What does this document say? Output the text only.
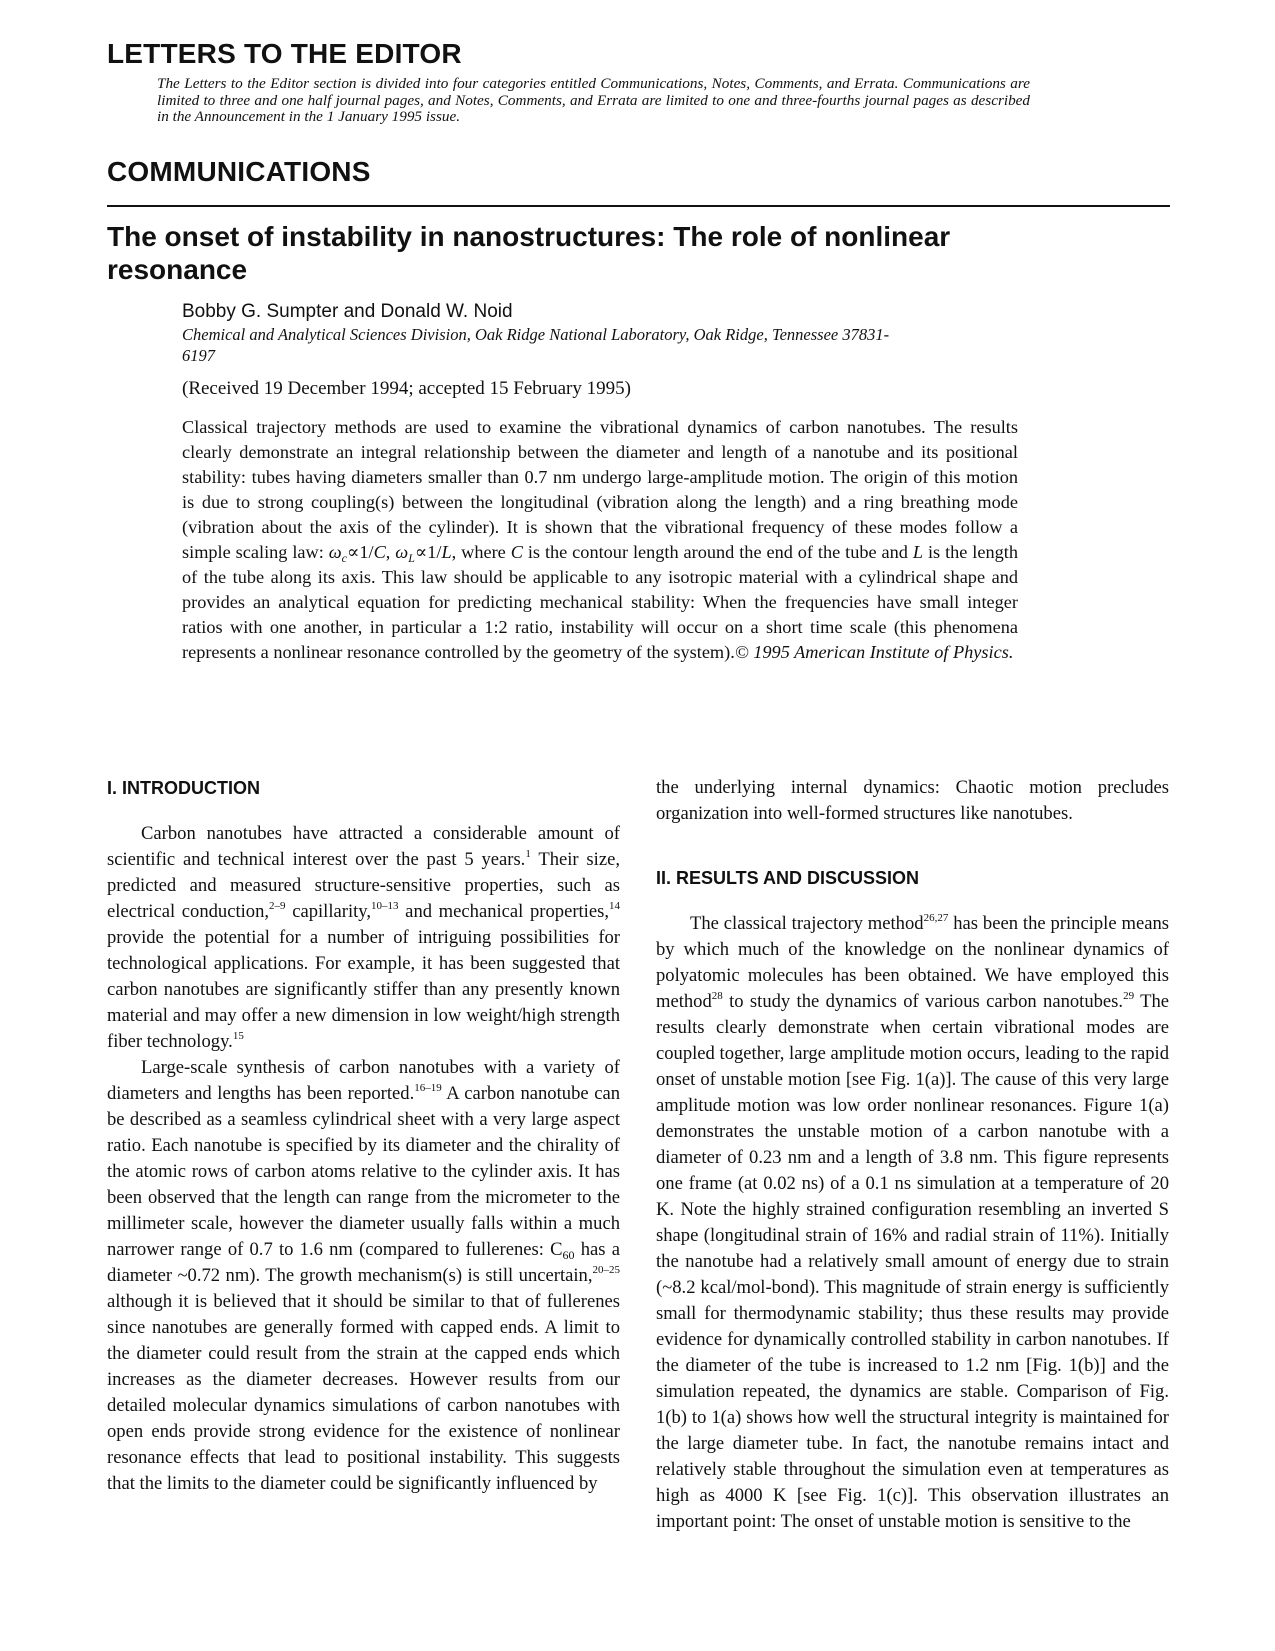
LETTERS TO THE EDITOR
The Letters to the Editor section is divided into four categories entitled Communications, Notes, Comments, and Errata. Communications are limited to three and one half journal pages, and Notes, Comments, and Errata are limited to one and three-fourths journal pages as described in the Announcement in the 1 January 1995 issue.
COMMUNICATIONS
The onset of instability in nanostructures: The role of nonlinear resonance
Bobby G. Sumpter and Donald W. Noid
Chemical and Analytical Sciences Division, Oak Ridge National Laboratory, Oak Ridge, Tennessee 37831-6197
(Received 19 December 1994; accepted 15 February 1995)
Classical trajectory methods are used to examine the vibrational dynamics of carbon nanotubes. The results clearly demonstrate an integral relationship between the diameter and length of a nanotube and its positional stability: tubes having diameters smaller than 0.7 nm undergo large-amplitude motion. The origin of this motion is due to strong coupling(s) between the longitudinal (vibration along the length) and a ring breathing mode (vibration about the axis of the cylinder). It is shown that the vibrational frequency of these modes follow a simple scaling law: $\omega_c\propto 1/C$, $\omega_L\propto 1/L$, where C is the contour length around the end of the tube and L is the length of the tube along its axis. This law should be applicable to any isotropic material with a cylindrical shape and provides an analytical equation for predicting mechanical stability: When the frequencies have small integer ratios with one another, in particular a 1:2 ratio, instability will occur on a short time scale (this phenomena represents a nonlinear resonance controlled by the geometry of the system).© 1995 American Institute of Physics.
I. INTRODUCTION

Carbon nanotubes have attracted a considerable amount of scientific and technical interest over the past 5 years.$^1$ Their size, predicted and measured structure-sensitive properties, such as electrical conduction,$^{2-9}$ capillarity,$^{10-13}$ and mechanical properties,$^{14}$ provide the potential for a number of intriguing possibilities for technological applications. For example, it has been suggested that carbon nanotubes are significantly stiffer than any presently known material and may offer a new dimension in low weight/high strength fiber technology.$^{15}$

Large-scale synthesis of carbon nanotubes with a variety of diameters and lengths has been reported.$^{16-19}$ A carbon nanotube can be described as a seamless cylindrical sheet with a very large aspect ratio. Each nanotube is specified by its diameter and the chirality of the atomic rows of carbon atoms relative to the cylinder axis. It has been observed that the length can range from the micrometer to the millimeter scale, however the diameter usually falls within a much narrower range of 0.7 to 1.6 nm (compared to fullerenes: $C_{60}$ has a diameter ~0.72 nm). The growth mechanism(s) is still uncertain,$^{20-25}$ although it is believed that it should be similar to that of fullerenes since nanotubes are generally formed with capped ends. A limit to the diameter could result from the strain at the capped ends which increases as the diameter decreases. However results from our detailed molecular dynamics simulations of carbon nanotubes with open ends provide strong evidence for the existence of nonlinear resonance effects that lead to positional instability. This suggests that the limits to the diameter could be significantly influenced by

the underlying internal dynamics: Chaotic motion precludes organization into well-formed structures like nanotubes.

II. RESULTS AND DISCUSSION

The classical trajectory method$^{26,27}$ has been the principle means by which much of the knowledge on the nonlinear dynamics of polyatomic molecules has been obtained. We have employed this method$^{28}$ to study the dynamics of various carbon nanotubes.$^{29}$ The results clearly demonstrate when certain vibrational modes are coupled together, large amplitude motion occurs, leading to the rapid onset of unstable motion [see Fig. 1(a)]. The cause of this very large amplitude motion was low order nonlinear resonances. Figure 1(a) demonstrates the unstable motion of a carbon nanotube with a diameter of 0.23 nm and a length of 3.8 nm. This figure represents one frame (at 0.02 ns) of a 0.1 ns simulation at a temperature of 20 K. Note the highly strained configuration resembling an inverted S shape (longitudinal strain of 16% and radial strain of 11%). Initially the nanotube had a relatively small amount of energy due to strain (~8.2 kcal/mol-bond). This magnitude of strain energy is sufficiently small for thermodynamic stability; thus these results may provide evidence for dynamically controlled stability in carbon nanotubes. If the diameter of the tube is increased to 1.2 nm [Fig. 1(b)] and the simulation repeated, the dynamics are stable. Comparison of Fig. 1(b) to 1(a) shows how well the structural integrity is maintained for the large diameter tube. In fact, the nanotube remains intact and relatively stable throughout the simulation even at temperatures as high as 4000 K [see Fig. 1(c)]. This observation illustrates an important point: The onset of unstable motion is sensitive to the
